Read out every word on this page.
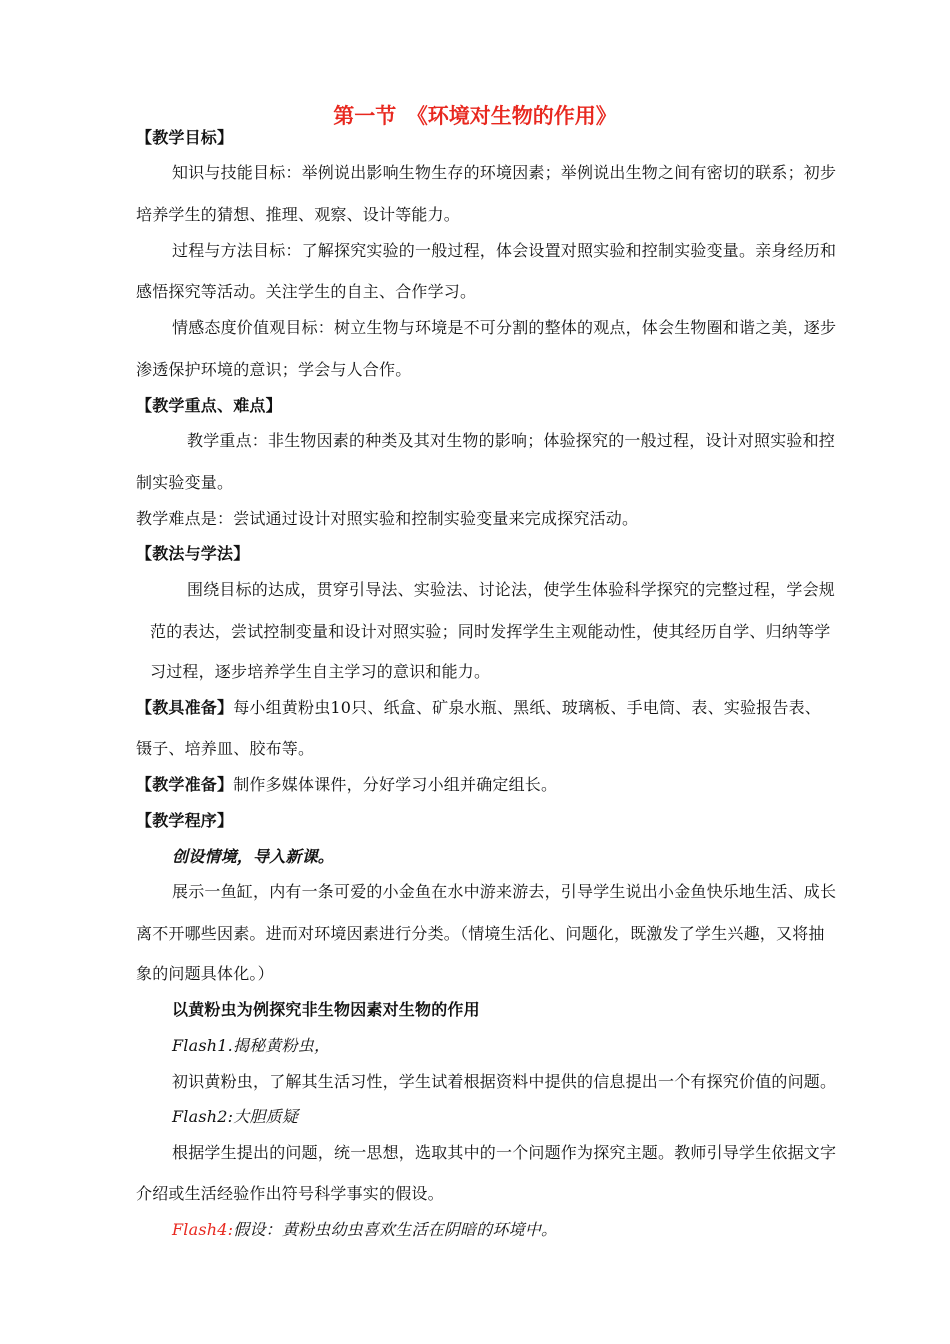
第一节　《环境对生物的作用》
【教学目标】
知识与技能目标：举例说出影响生物生存的环境因素；举例说出生物之间有密切的联系；初步
培养学生的猜想、推理、观察、设计等能力。
过程与方法目标：了解探究实验的一般过程，体会设置对照实验和控制实验变量。亲身经历和
感悟探究等活动。关注学生的自主、合作学习。
情感态度价值观目标：树立生物与环境是不可分割的整体的观点，体会生物圈和谐之美，逐步
渗透保护环境的意识；学会与人合作。
【教学重点、难点】
教学重点：非生物因素的种类及其对生物的影响；体验探究的一般过程，设计对照实验和控
制实验变量。
教学难点是：尝试通过设计对照实验和控制实验变量来完成探究活动。
【教法与学法】
围绕目标的达成，贯穿引导法、实验法、讨论法，使学生体验科学探究的完整过程，学会规
范的表达，尝试控制变量和设计对照实验；同时发挥学生主观能动性，使其经历自学、归纳等学
习过程，逐步培养学生自主学习的意识和能力。
【教具准备】每小组黄粉虫10只、纸盒、矿泉水瓶、黑纸、玻璃板、手电筒、表、实验报告表、
镊子、培养皿、胶布等。
【教学准备】制作多媒体课件，分好学习小组并确定组长。
【教学程序】
创设情境，导入新课。
展示一鱼缸，内有一条可爱的小金鱼在水中游来游去，引导学生说出小金鱼快乐地生活、成长
离不开哪些因素。进而对环境因素进行分类。（情境生活化、问题化，既激发了学生兴趣，又将抽
象的问题具体化。）
以黄粉虫为例探究非生物因素对生物的作用
Flash1.揭秘黄粉虫，
初识黄粉虫，了解其生活习性，学生试着根据资料中提供的信息提出一个有探究价值的问题。
Flash2:大胆质疑
根据学生提出的问题，统一思想，选取其中的一个问题作为探究主题。教师引导学生依据文字
介绍或生活经验作出符号科学事实的假设。
Flash4:假设：黄粉虫幼虫喜欢生活在阴暗的环境中。
